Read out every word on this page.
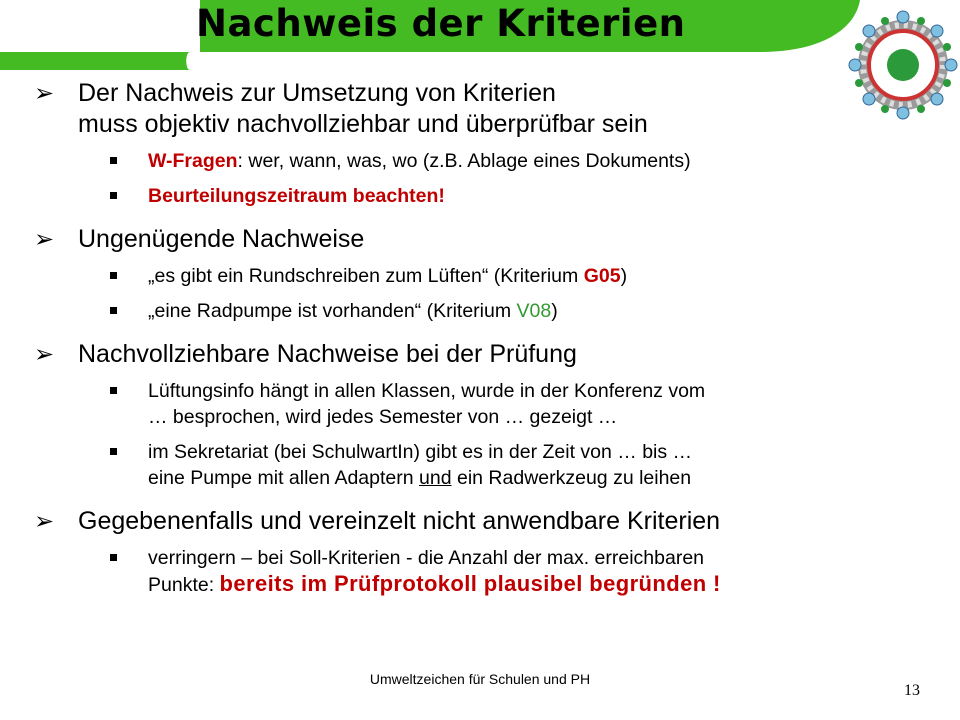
Nachweis der Kriterien
➢ Der Nachweis zur Umsetzung von Kriterien
muss objektiv nachvollziehbar und überprüfbar sein
W-Fragen: wer, wann, was, wo (z.B. Ablage eines Dokuments)
Beurteilungszeitraum beachten!
➢ Ungenügende Nachweise
„es gibt ein Rundschreiben zum Lüften“ (Kriterium G05)
„eine Radpumpe ist vorhanden“ (Kriterium V08)
➢ Nachvollziehbare Nachweise bei der Prüfung
Lüftungsinfo hängt in allen Klassen, wurde in der Konferenz vom
… besprochen, wird jedes Semester von … gezeigt …
im Sekretariat (bei SchulwartIn) gibt es in der Zeit von … bis …
eine Pumpe mit allen Adaptern und ein Radwerkzeug zu leihen
➢ Gegebenenfalls und vereinzelt nicht anwendbare Kriterien
verringern – bei Soll-Kriterien - die Anzahl der max. erreichbaren
Punkte: bereits im Prüfprotokoll plausibel begründen !
Umweltzeichen für Schulen und PH
13
